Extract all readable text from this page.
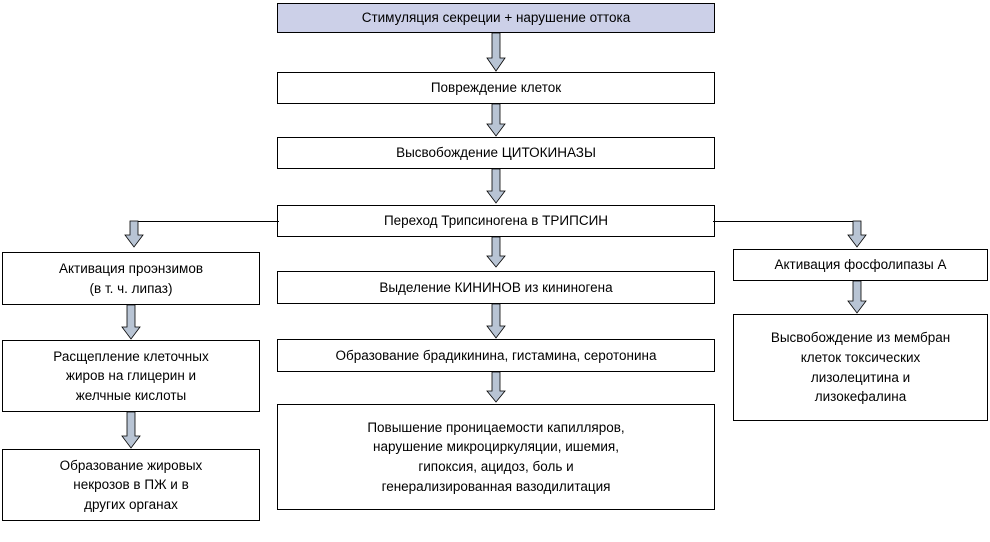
Стимуляция секреции + нарушение оттока
Повреждение клеток
Высвобождение ЦИТОКИНАЗЫ
Переход Трипсиногена в ТРИПСИН
Активация проэнзимов
(в т. ч. липаз)
Расщепление клеточных
жиров на глицерин и
желчные кислоты
Образование жировых
некрозов в ПЖ и в
других органах
Выделение КИНИНОВ из кининогена
Образование брадикинина, гистамина, серотонина
Повышение проницаемости капилляров,
нарушение микроциркуляции, ишемия,
гипоксия, ацидоз, боль и
генерализированная вазодилитация
Активация фосфолипазы А
Высвобождение из мембран
клеток токсических
лизолецитина и
лизокефалина
